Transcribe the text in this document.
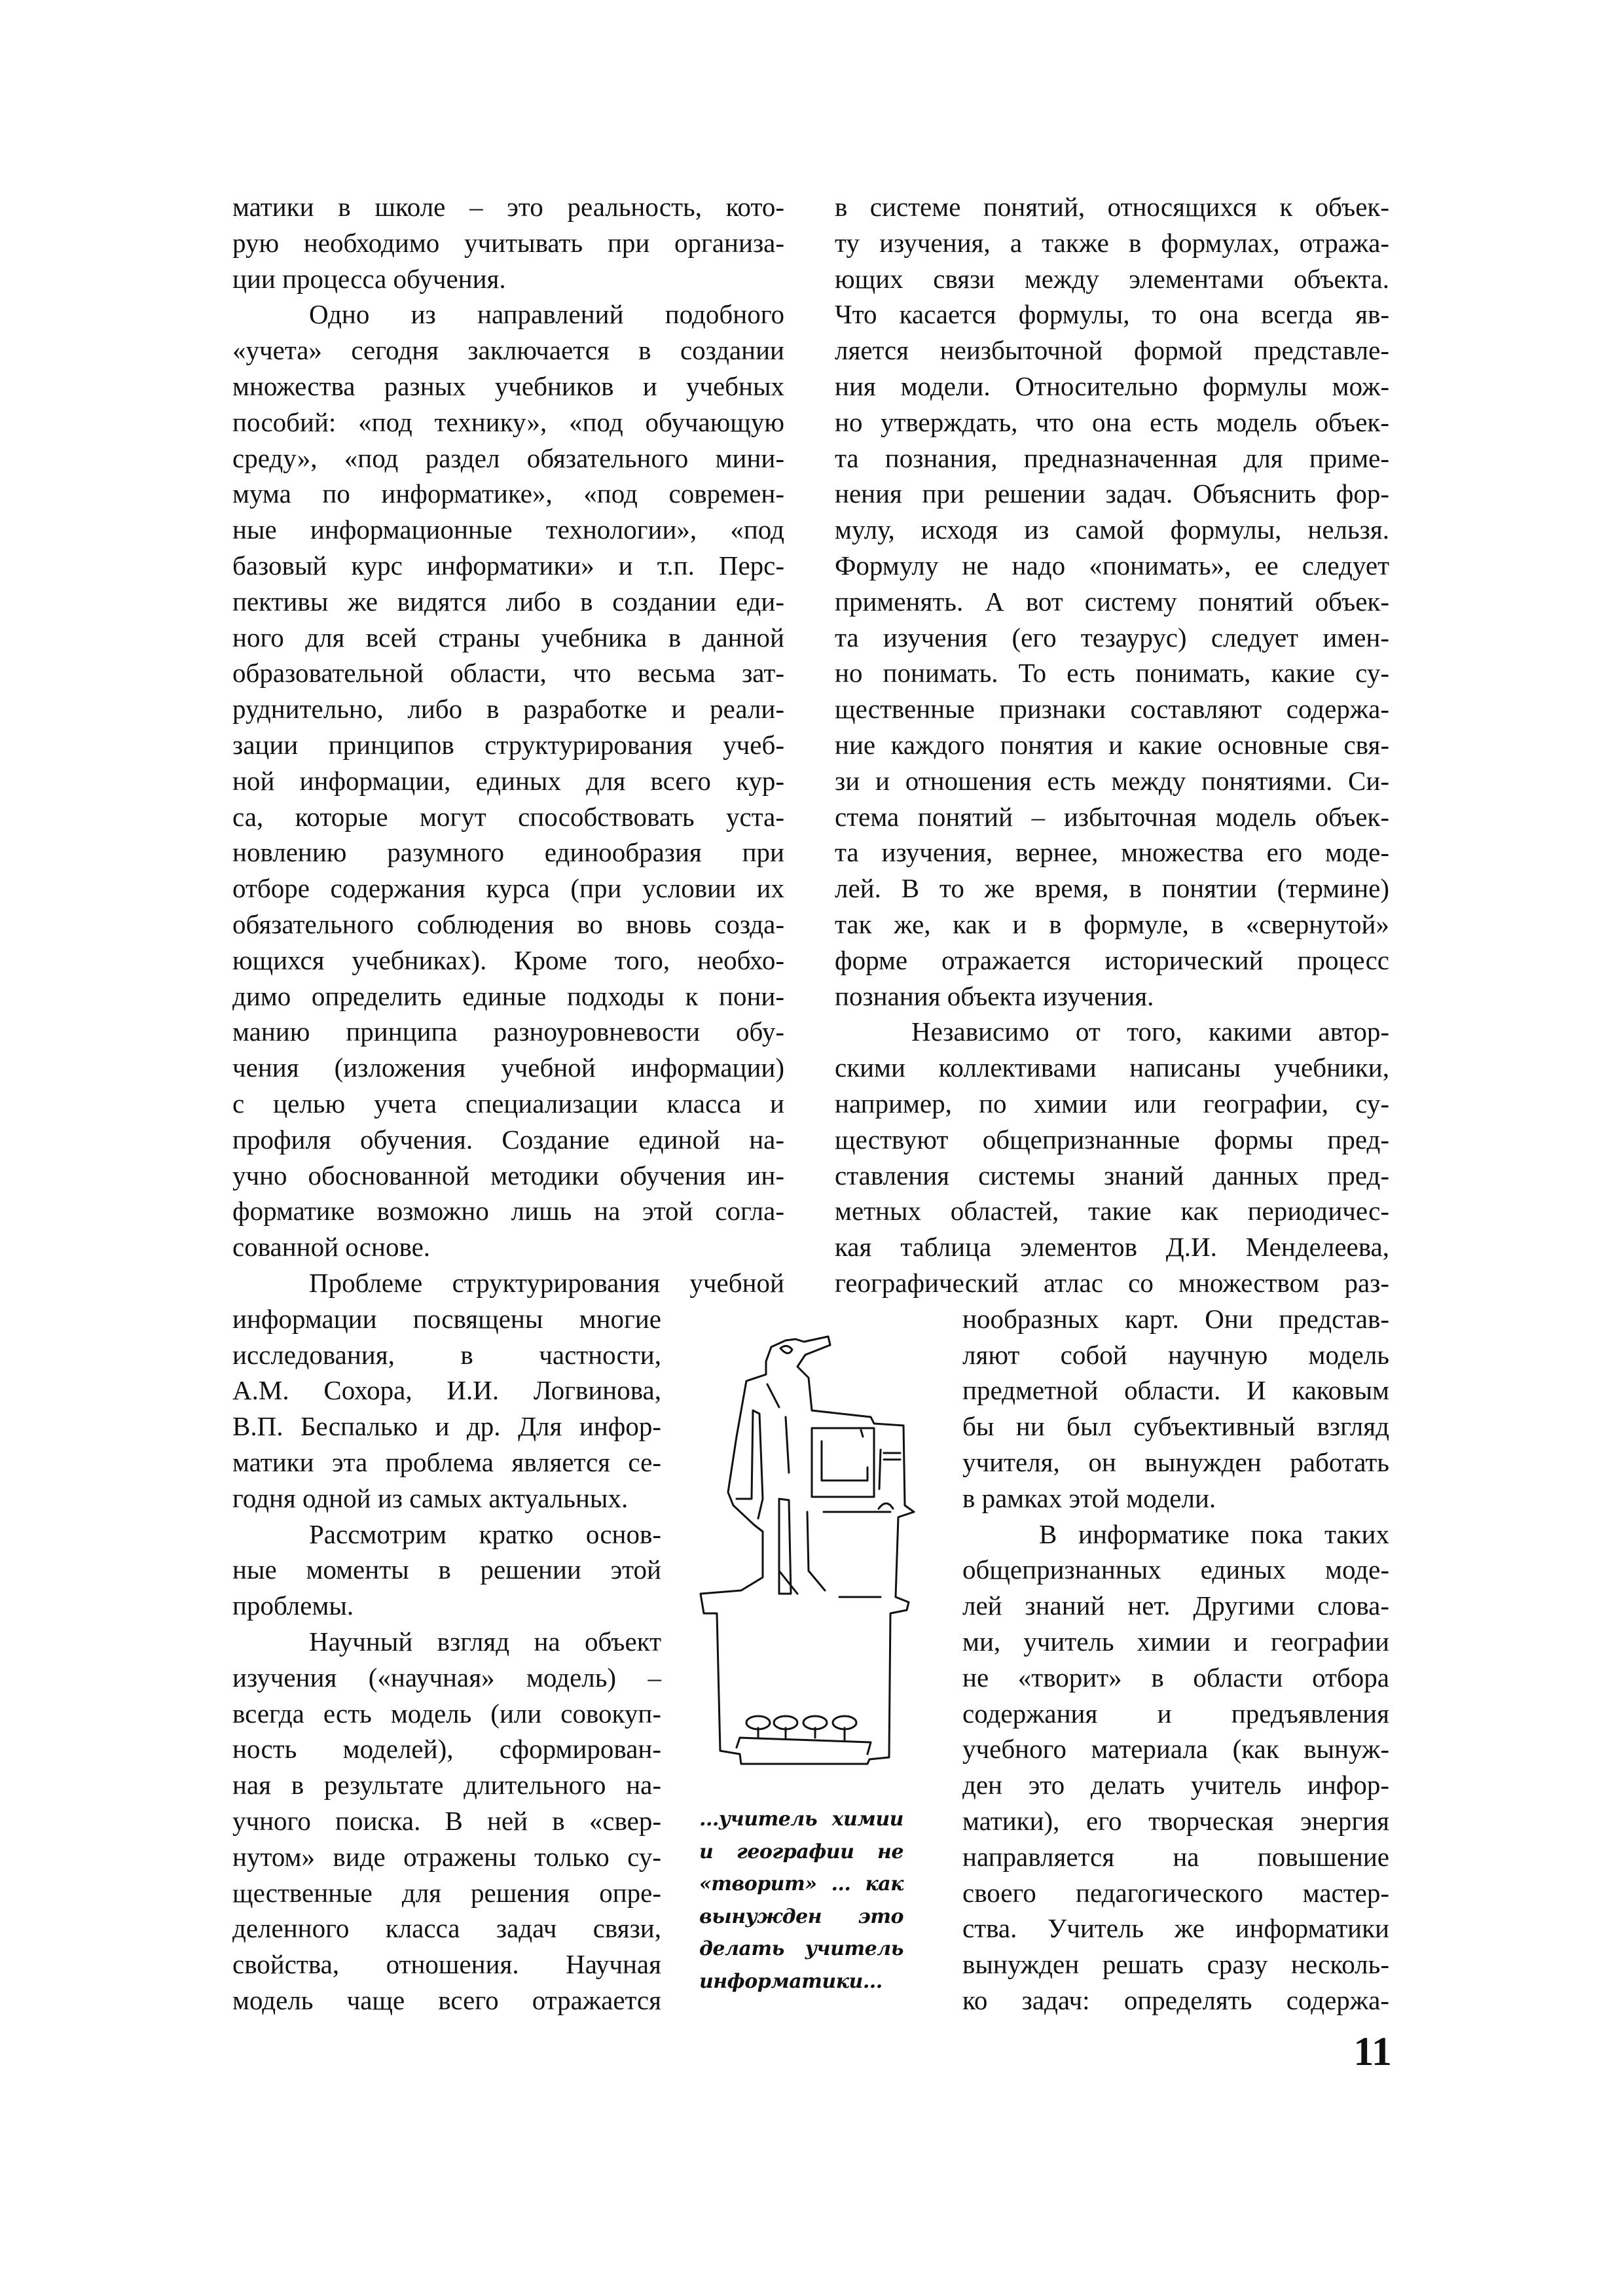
матики в школе – это реальность, кото-
рую необходимо учитывать при организа-
ции процесса обучения.
Одно из направлений подобного
«учета» сегодня заключается в создании
множества разных учебников и учебных
пособий: «под технику», «под обучающую
среду», «под раздел обязательного мини-
мума по информатике», «под современ-
ные информационные технологии», «под
базовый курс информатики» и т.п. Перс-
пективы же видятся либо в создании еди-
ного для всей страны учебника в данной
образовательной области, что весьма зат-
руднительно, либо в разработке и реали-
зации принципов структурирования учеб-
ной информации, единых для всего кур-
са, которые могут способствовать уста-
новлению разумного единообразия при
отборе содержания курса (при условии их
обязательного соблюдения во вновь созда-
ющихся учебниках). Кроме того, необхо-
димо определить единые подходы к пони-
манию принципа разноуровневости обу-
чения (изложения учебной информации)
с целью учета специализации класса и
профиля обучения. Создание единой на-
учно обоснованной методики обучения ин-
форматике возможно лишь на этой согла-
сованной основе.
Проблеме структурирования учебной
информации посвящены многие
исследования, в частности,
А.М. Сохора, И.И. Логвинова,
В.П. Беспалько и др. Для инфор-
матики эта проблема является се-
годня одной из самых актуальных.
Рассмотрим кратко основ-
ные моменты в решении этой
проблемы.
Научный взгляд на объект
изучения («научная» модель) –
всегда есть модель (или совокуп-
ность моделей), сформирован-
ная в результате длительного на-
учного поиска. В ней в «свер-
нутом» виде отражены только су-
щественные для решения опре-
деленного класса задач связи,
свойства, отношения. Научная
модель чаще всего отражается
в системе понятий, относящихся к объек-
ту изучения, а также в формулах, отража-
ющих связи между элементами объекта.
Что касается формулы, то она всегда яв-
ляется неизбыточной формой представле-
ния модели. Относительно формулы мож-
но утверждать, что она есть модель объек-
та познания, предназначенная для приме-
нения при решении задач. Объяснить фор-
мулу, исходя из самой формулы, нельзя.
Формулу не надо «понимать», ее следует
применять. А вот систему понятий объек-
та изучения (его тезаурус) следует имен-
но понимать. То есть понимать, какие су-
щественные признаки составляют содержа-
ние каждого понятия и какие основные свя-
зи и отношения есть между понятиями. Си-
стема понятий – избыточная модель объек-
та изучения, вернее, множества его моде-
лей. В то же время, в понятии (термине)
так же, как и в формуле, в «свернутой»
форме отражается исторический процесс
познания объекта изучения.
Независимо от того, какими автор-
скими коллективами написаны учебники,
например, по химии или географии, су-
ществуют общепризнанные формы пред-
ставления системы знаний данных пред-
метных областей, такие как периодичес-
кая таблица элементов Д.И. Менделеева,
географический атлас со множеством раз-
нообразных карт. Они представ-
ляют собой научную модель
предметной области. И каковым
бы ни был субъективный взгляд
учителя, он вынужден работать
в рамках этой модели.
В информатике пока таких
общепризнанных единых моде-
лей знаний нет. Другими слова-
ми, учитель химии и географии
не «творит» в области отбора
содержания и предъявления
учебного материала (как вынуж-
ден это делать учитель инфор-
матики), его творческая энергия
направляется на повышение
своего педагогического мастер-
ства. Учитель же информатики
вынужден решать сразу несколь-
ко задач: определять содержа-
...учитель химии
и географии не
«творит» ... как
вынужден это
делать учитель
информатики...
11
